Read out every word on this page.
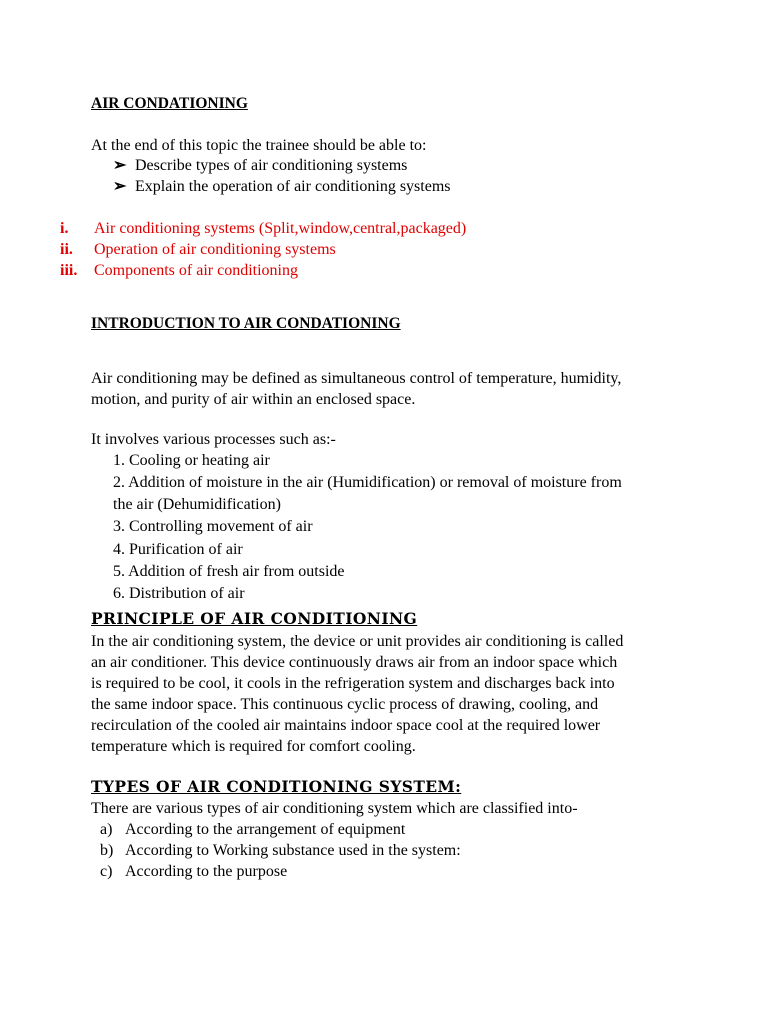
AIR CONDATIONING
At the end of this topic the trainee should be able to:
➢ Describe types of air conditioning systems
➢ Explain the operation of air conditioning systems
i. Air conditioning systems (Split,window,central,packaged)
ii. Operation of air conditioning systems
iii. Components of air conditioning
INTRODUCTION TO AIR CONDATIONING
Air conditioning may be defined as simultaneous control of temperature, humidity,
motion, and purity of air within an enclosed space.
It involves various processes such as:-
1. Cooling or heating air
2. Addition of moisture in the air (Humidification) or removal of moisture from
the air (Dehumidification)
3. Controlling movement of air
4. Purification of air
5. Addition of fresh air from outside
6. Distribution of air
PRINCIPLE OF AIR CONDITIONING
In the air conditioning system, the device or unit provides air conditioning is called
an air conditioner. This device continuously draws air from an indoor space which
is required to be cool, it cools in the refrigeration system and discharges back into
the same indoor space. This continuous cyclic process of drawing, cooling, and
recirculation of the cooled air maintains indoor space cool at the required lower
temperature which is required for comfort cooling.
TYPES OF AIR CONDITIONING SYSTEM:
There are various types of air conditioning system which are classified into-
a) According to the arrangement of equipment
b) According to Working substance used in the system:
c) According to the purpose
